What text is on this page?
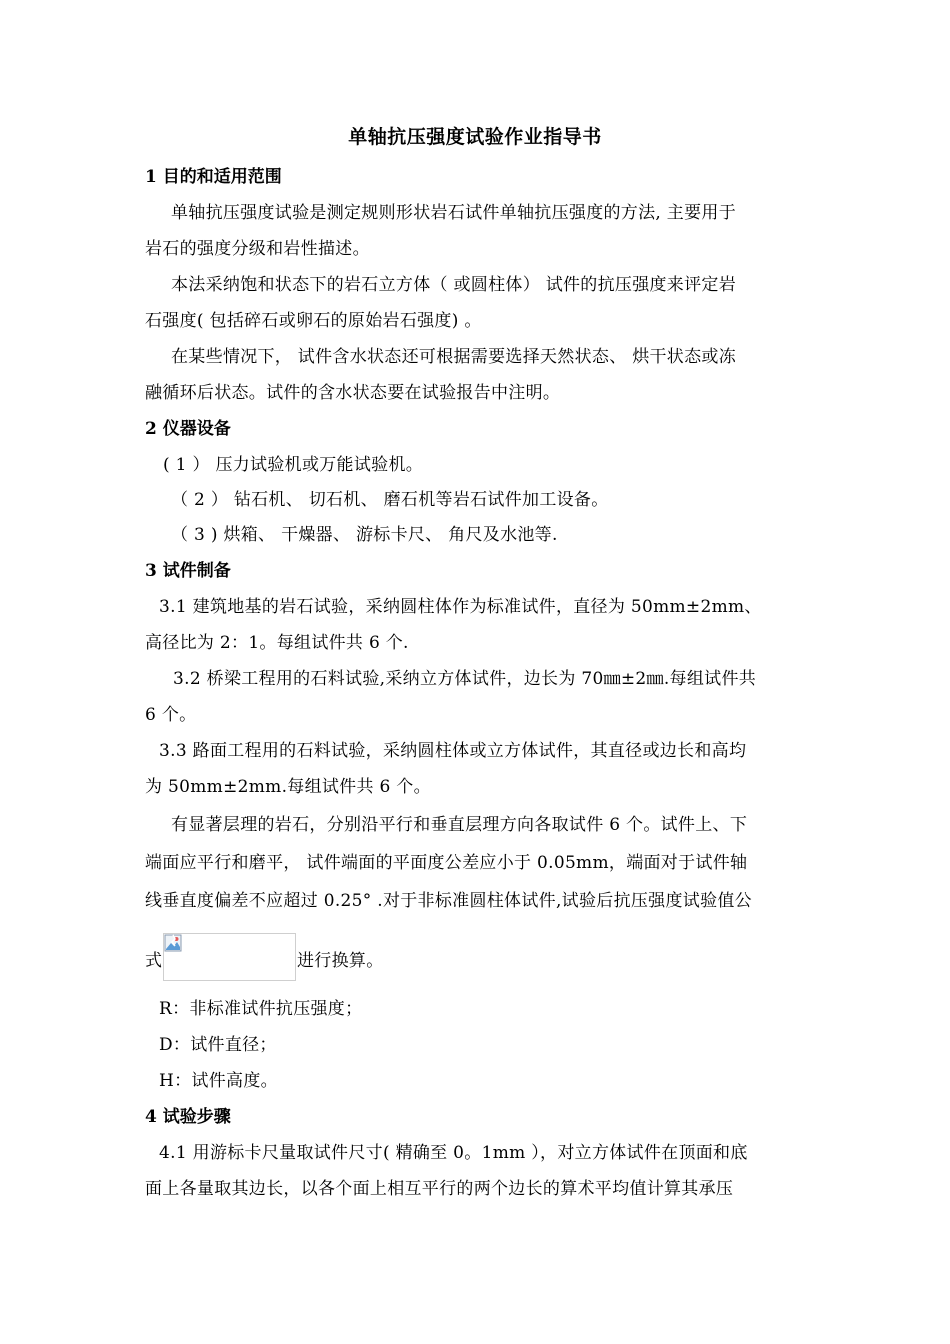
单轴抗压强度试验作业指导书
1 目的和适用范围
单轴抗压强度试验是测定规则形状岩石试件单轴抗压强度的方法, 主要用于
岩石的强度分级和岩性描述。
本法采纳饱和状态下的岩石立方体（ 或圆柱体） 试件的抗压强度来评定岩
石强度( 包括碎石或卵石的原始岩石强度) 。
在某些情况下， 试件含水状态还可根据需要选择天然状态、 烘干状态或冻
融循环后状态。试件的含水状态要在试验报告中注明。
2 仪器设备
( 1 ） 压力试验机或万能试验机。
（ 2 ） 钻石机、 切石机、 磨石机等岩石试件加工设备。
（ 3 ) 烘箱、 干燥器、 游标卡尺、 角尺及水池等.
3 试件制备
3.1 建筑地基的岩石试验，采纳圆柱体作为标准试件，直径为 50mm±2mm、
高径比为 2：1。每组试件共 6 个.
3.2 桥梁工程用的石料试验,采纳立方体试件，边长为 70㎜±2㎜.每组试件共
6 个。
3.3 路面工程用的石料试验，采纳圆柱体或立方体试件，其直径或边长和高均
为 50mm±2mm.每组试件共 6 个。
有显著层理的岩石，分别沿平行和垂直层理方向各取试件 6 个。试件上、下
端面应平行和磨平， 试件端面的平面度公差应小于 0.05mm，端面对于试件轴
线垂直度偏差不应超过 0.25° .对于非标准圆柱体试件,试验后抗压强度试验值公
式	进行换算。
R：非标准试件抗压强度；
D：试件直径；
H：试件高度。
4 试验步骤
4.1 用游标卡尺量取试件尺寸( 精确至 0。1mm ），对立方体试件在顶面和底
面上各量取其边长，以各个面上相互平行的两个边长的算术平均值计算其承压
